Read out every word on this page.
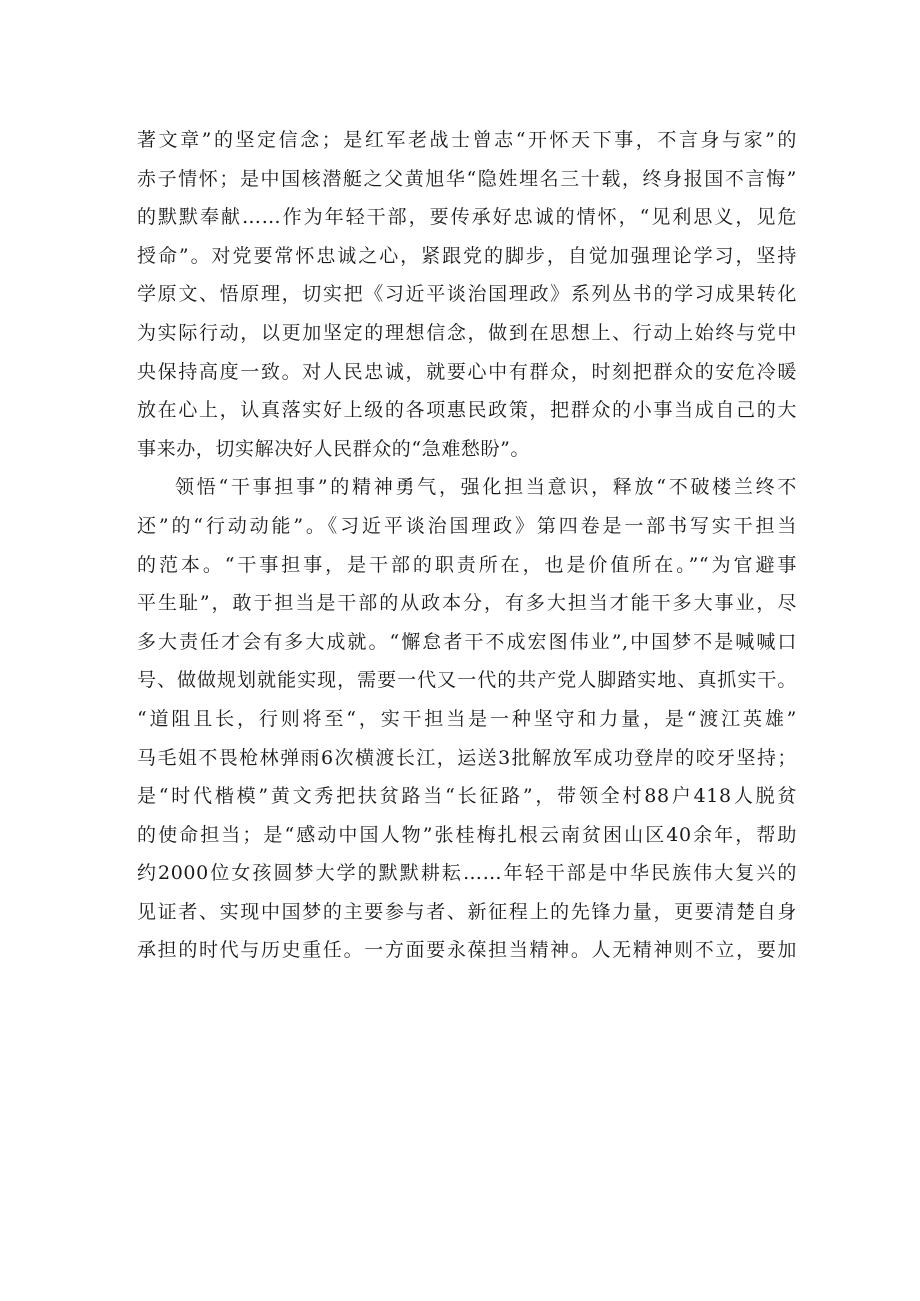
著文章”的坚定信念；是红军老战士曾志“开怀天下事，不言身与家”的
赤子情怀；是中国核潜艇之父黄旭华“隐姓埋名三十载，终身报国不言悔”
的默默奉献……作为年轻干部，要传承好忠诚的情怀，“见利思义，见危
授命”。对党要常怀忠诚之心，紧跟党的脚步，自觉加强理论学习，坚持
学原文、悟原理，切实把《习近平谈治国理政》系列丛书的学习成果转化
为实际行动，以更加坚定的理想信念，做到在思想上、行动上始终与党中
央保持高度一致。对人民忠诚，就要心中有群众，时刻把群众的安危冷暖
放在心上，认真落实好上级的各项惠民政策，把群众的小事当成自己的大
事来办，切实解决好人民群众的“急难愁盼”。
领悟“干事担事”的精神勇气，强化担当意识，释放“不破楼兰终不
还”的“行动动能”。《习近平谈治国理政》第四卷是一部书写实干担当
的范本。“干事担事，是干部的职责所在，也是价值所在。”“为官避事
平生耻”，敢于担当是干部的从政本分，有多大担当才能干多大事业，尽
多大责任才会有多大成就。“懈怠者干不成宏图伟业”,中国梦不是喊喊口
号、做做规划就能实现，需要一代又一代的共产党人脚踏实地、真抓实干。
“道阻且长，行则将至“，实干担当是一种坚守和力量，是“渡江英雄”
马毛姐不畏枪林弹雨6次横渡长江，运送3批解放军成功登岸的咬牙坚持；
是“时代楷模”黄文秀把扶贫路当“长征路”，带领全村88户418人脱贫
的使命担当；是“感动中国人物”张桂梅扎根云南贫困山区40余年，帮助
约2000位女孩圆梦大学的默默耕耘……年轻干部是中华民族伟大复兴的
见证者、实现中国梦的主要参与者、新征程上的先锋力量，更要清楚自身
承担的时代与历史重任。一方面要永葆担当精神。人无精神则不立，要加
